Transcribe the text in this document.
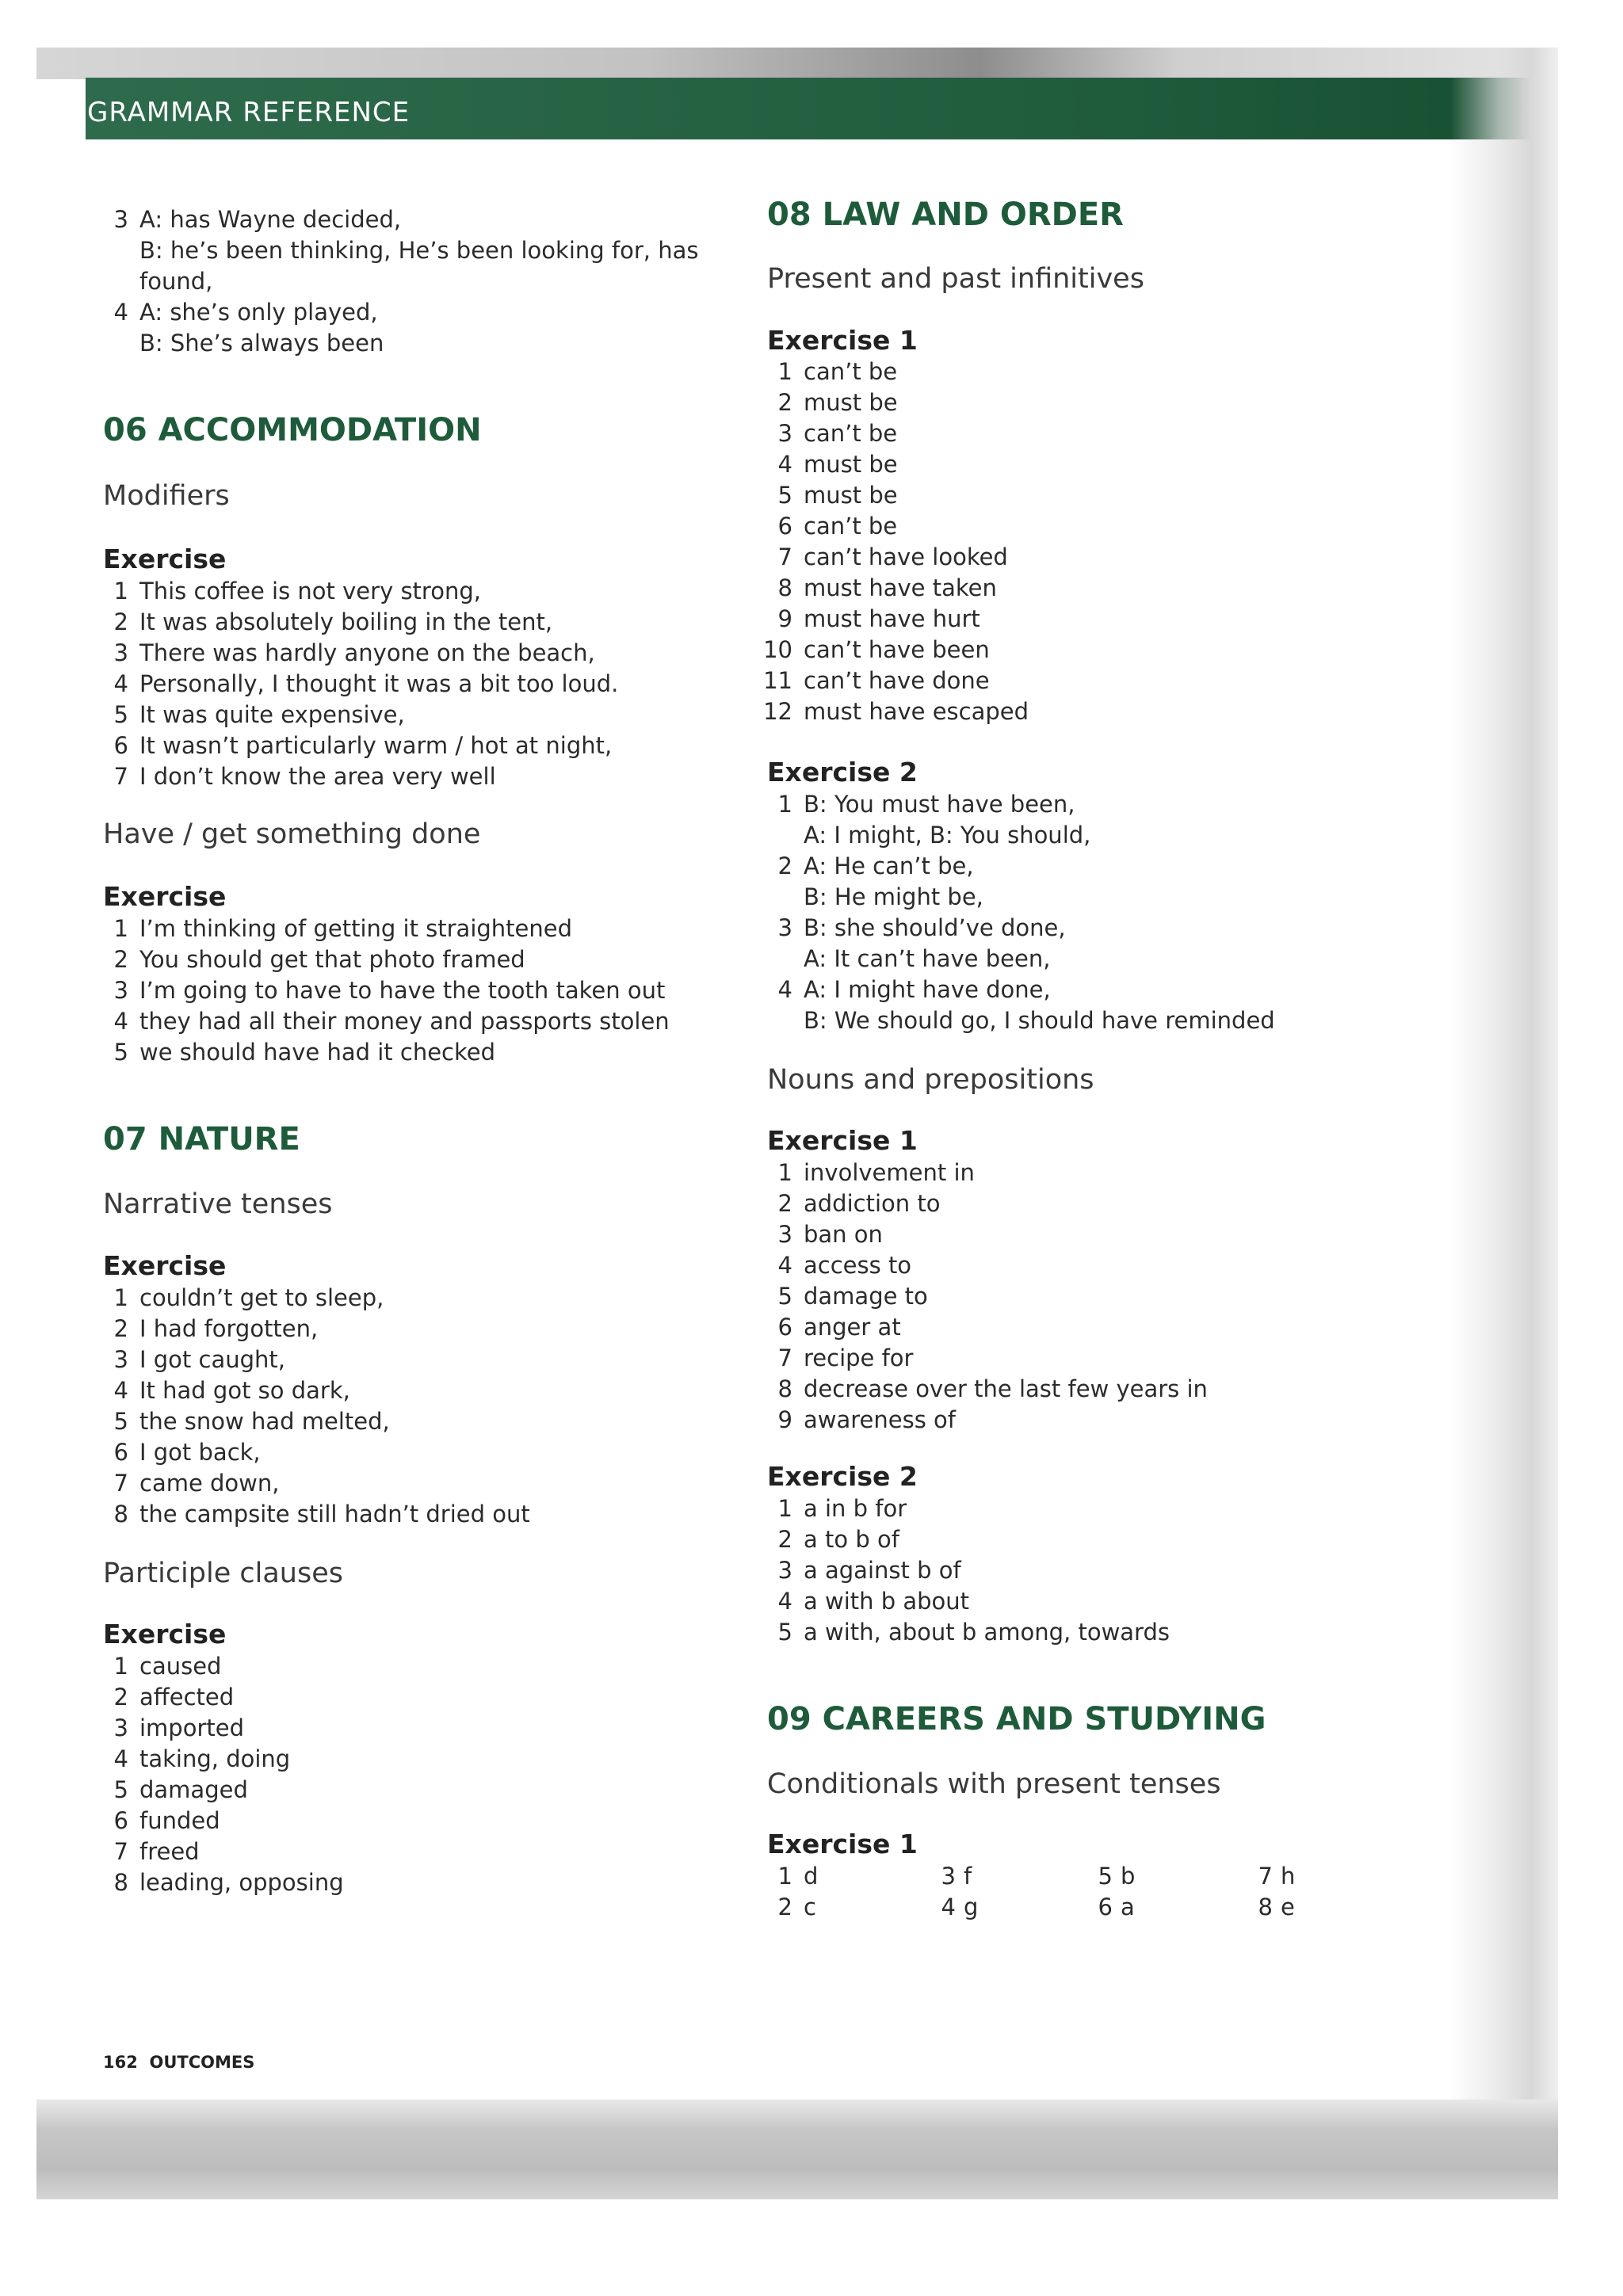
GRAMMAR REFERENCE
3 A: has Wayne decided,
B: he’s been thinking, He’s been looking for, has
found,
4 A: she’s only played,
B: She’s always been
06 ACCOMMODATION
Modifiers
Exercise
1 This coffee is not very strong,
2 It was absolutely boiling in the tent,
3 There was hardly anyone on the beach,
4 Personally, I thought it was a bit too loud.
5 It was quite expensive,
6 It wasn’t particularly warm / hot at night,
7 I don’t know the area very well
Have / get something done
Exercise
1 I’m thinking of getting it straightened
2 You should get that photo framed
3 I’m going to have to have the tooth taken out
4 they had all their money and passports stolen
5 we should have had it checked
07 NATURE
Narrative tenses
Exercise
1 couldn’t get to sleep,
2 I had forgotten,
3 I got caught,
4 It had got so dark,
5 the snow had melted,
6 I got back,
7 came down,
8 the campsite still hadn’t dried out
Participle clauses
Exercise
1 caused
2 affected
3 imported
4 taking, doing
5 damaged
6 funded
7 freed
8 leading, opposing
08 LAW AND ORDER
Present and past infinitives
Exercise 1
1 can’t be
2 must be
3 can’t be
4 must be
5 must be
6 can’t be
7 can’t have looked
8 must have taken
9 must have hurt
10 can’t have been
11 can’t have done
12 must have escaped
Exercise 2
1 B: You must have been,
A: I might, B: You should,
2 A: He can’t be,
B: He might be,
3 B: she should’ve done,
A: It can’t have been,
4 A: I might have done,
B: We should go, I should have reminded
Nouns and prepositions
Exercise 1
1 involvement in
2 addiction to
3 ban on
4 access to
5 damage to
6 anger at
7 recipe for
8 decrease over the last few years in
9 awareness of
Exercise 2
1 a in b for
2 a to b of
3 a against b of
4 a with b about
5 a with, about b among, towards
09 CAREERS AND STUDYING
Conditionals with present tenses
Exercise 1
1 d	3 f	5 b	7 h
2 c	4 g	6 a	8 e
162 OUTCOMES
